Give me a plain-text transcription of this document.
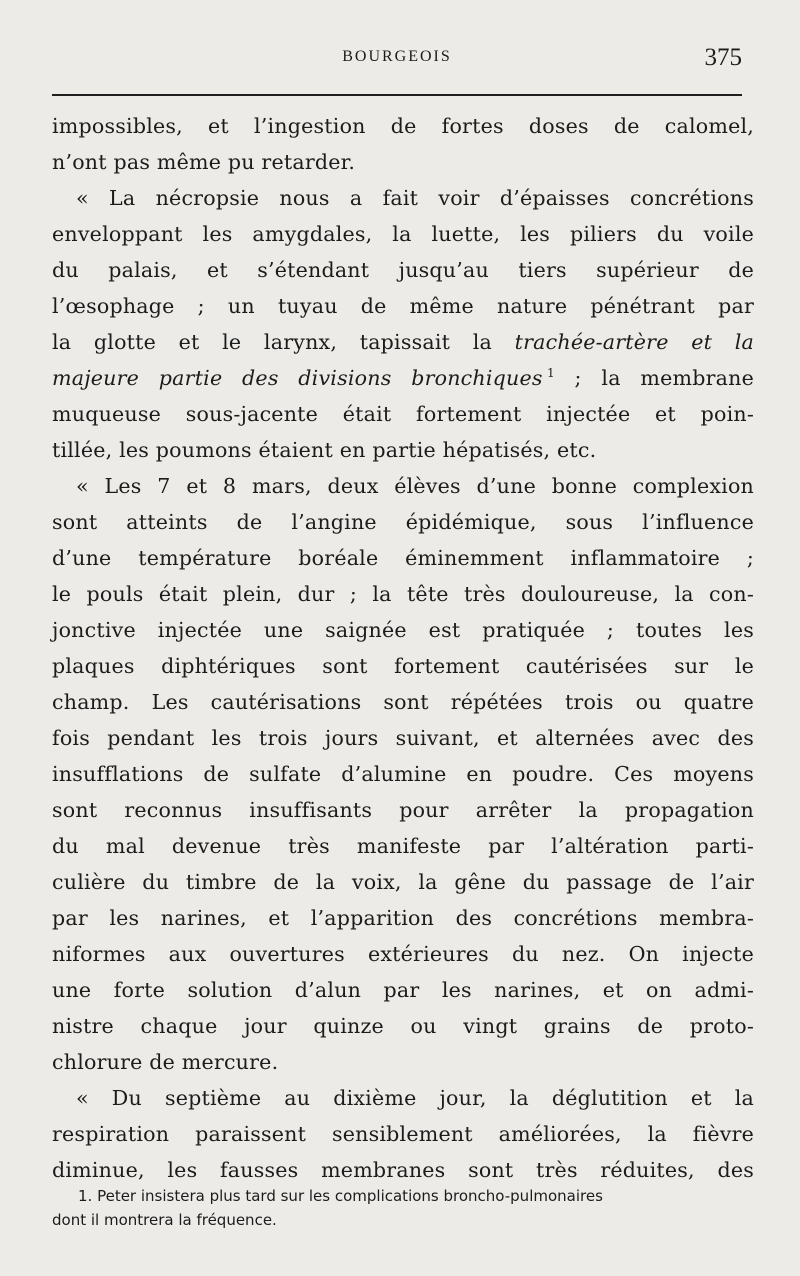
BOURGEOIS	375
impossibles, et l’ingestion de fortes doses de calomel,
n’ont pas même pu retarder.
« La nécropsie nous a fait voir d’épaisses concrétions
enveloppant les amygdales, la luette, les piliers du voile
du palais, et s’étendant jusqu’au tiers supérieur de
l’œsophage ; un tuyau de même nature pénétrant par
la glotte et le larynx, tapissait la trachée-artère et la
majeure partie des divisions bronchiques  $^1$ ; la membrane
muqueuse sous-jacente était fortement injectée et poin-
tillée, les poumons étaient en partie hépatisés, etc.
« Les 7 et 8 mars, deux élèves d’une bonne complexion
sont atteints de l’angine épidémique, sous l’influence
d’une température boréale éminemment inflammatoire ;
le pouls était plein, dur ; la tête très douloureuse, la con-
jonctive injectée une saignée est pratiquée ; toutes les
plaques diphtériques sont fortement cautérisées sur le
champ. Les cautérisations sont répétées trois ou quatre
fois pendant les trois jours suivant, et alternées avec des
insufflations de sulfate d’alumine en poudre. Ces moyens
sont reconnus insuffisants pour arrêter la propagation
du mal devenue très manifeste par l’altération parti-
culière du timbre de la voix, la gêne du passage de l’air
par les narines, et l’apparition des concrétions membra-
niformes aux ouvertures extérieures du nez. On injecte
une forte solution d’alun par les narines, et on admi-
nistre chaque jour quinze ou vingt grains de proto-
chlorure de mercure.
« Du septième au dixième jour, la déglutition et la
respiration paraissent sensiblement améliorées, la fièvre
diminue, les fausses membranes sont très réduites, des
1. Peter insistera plus tard sur les complications broncho-pulmonaires
dont il montrera la fréquence.
